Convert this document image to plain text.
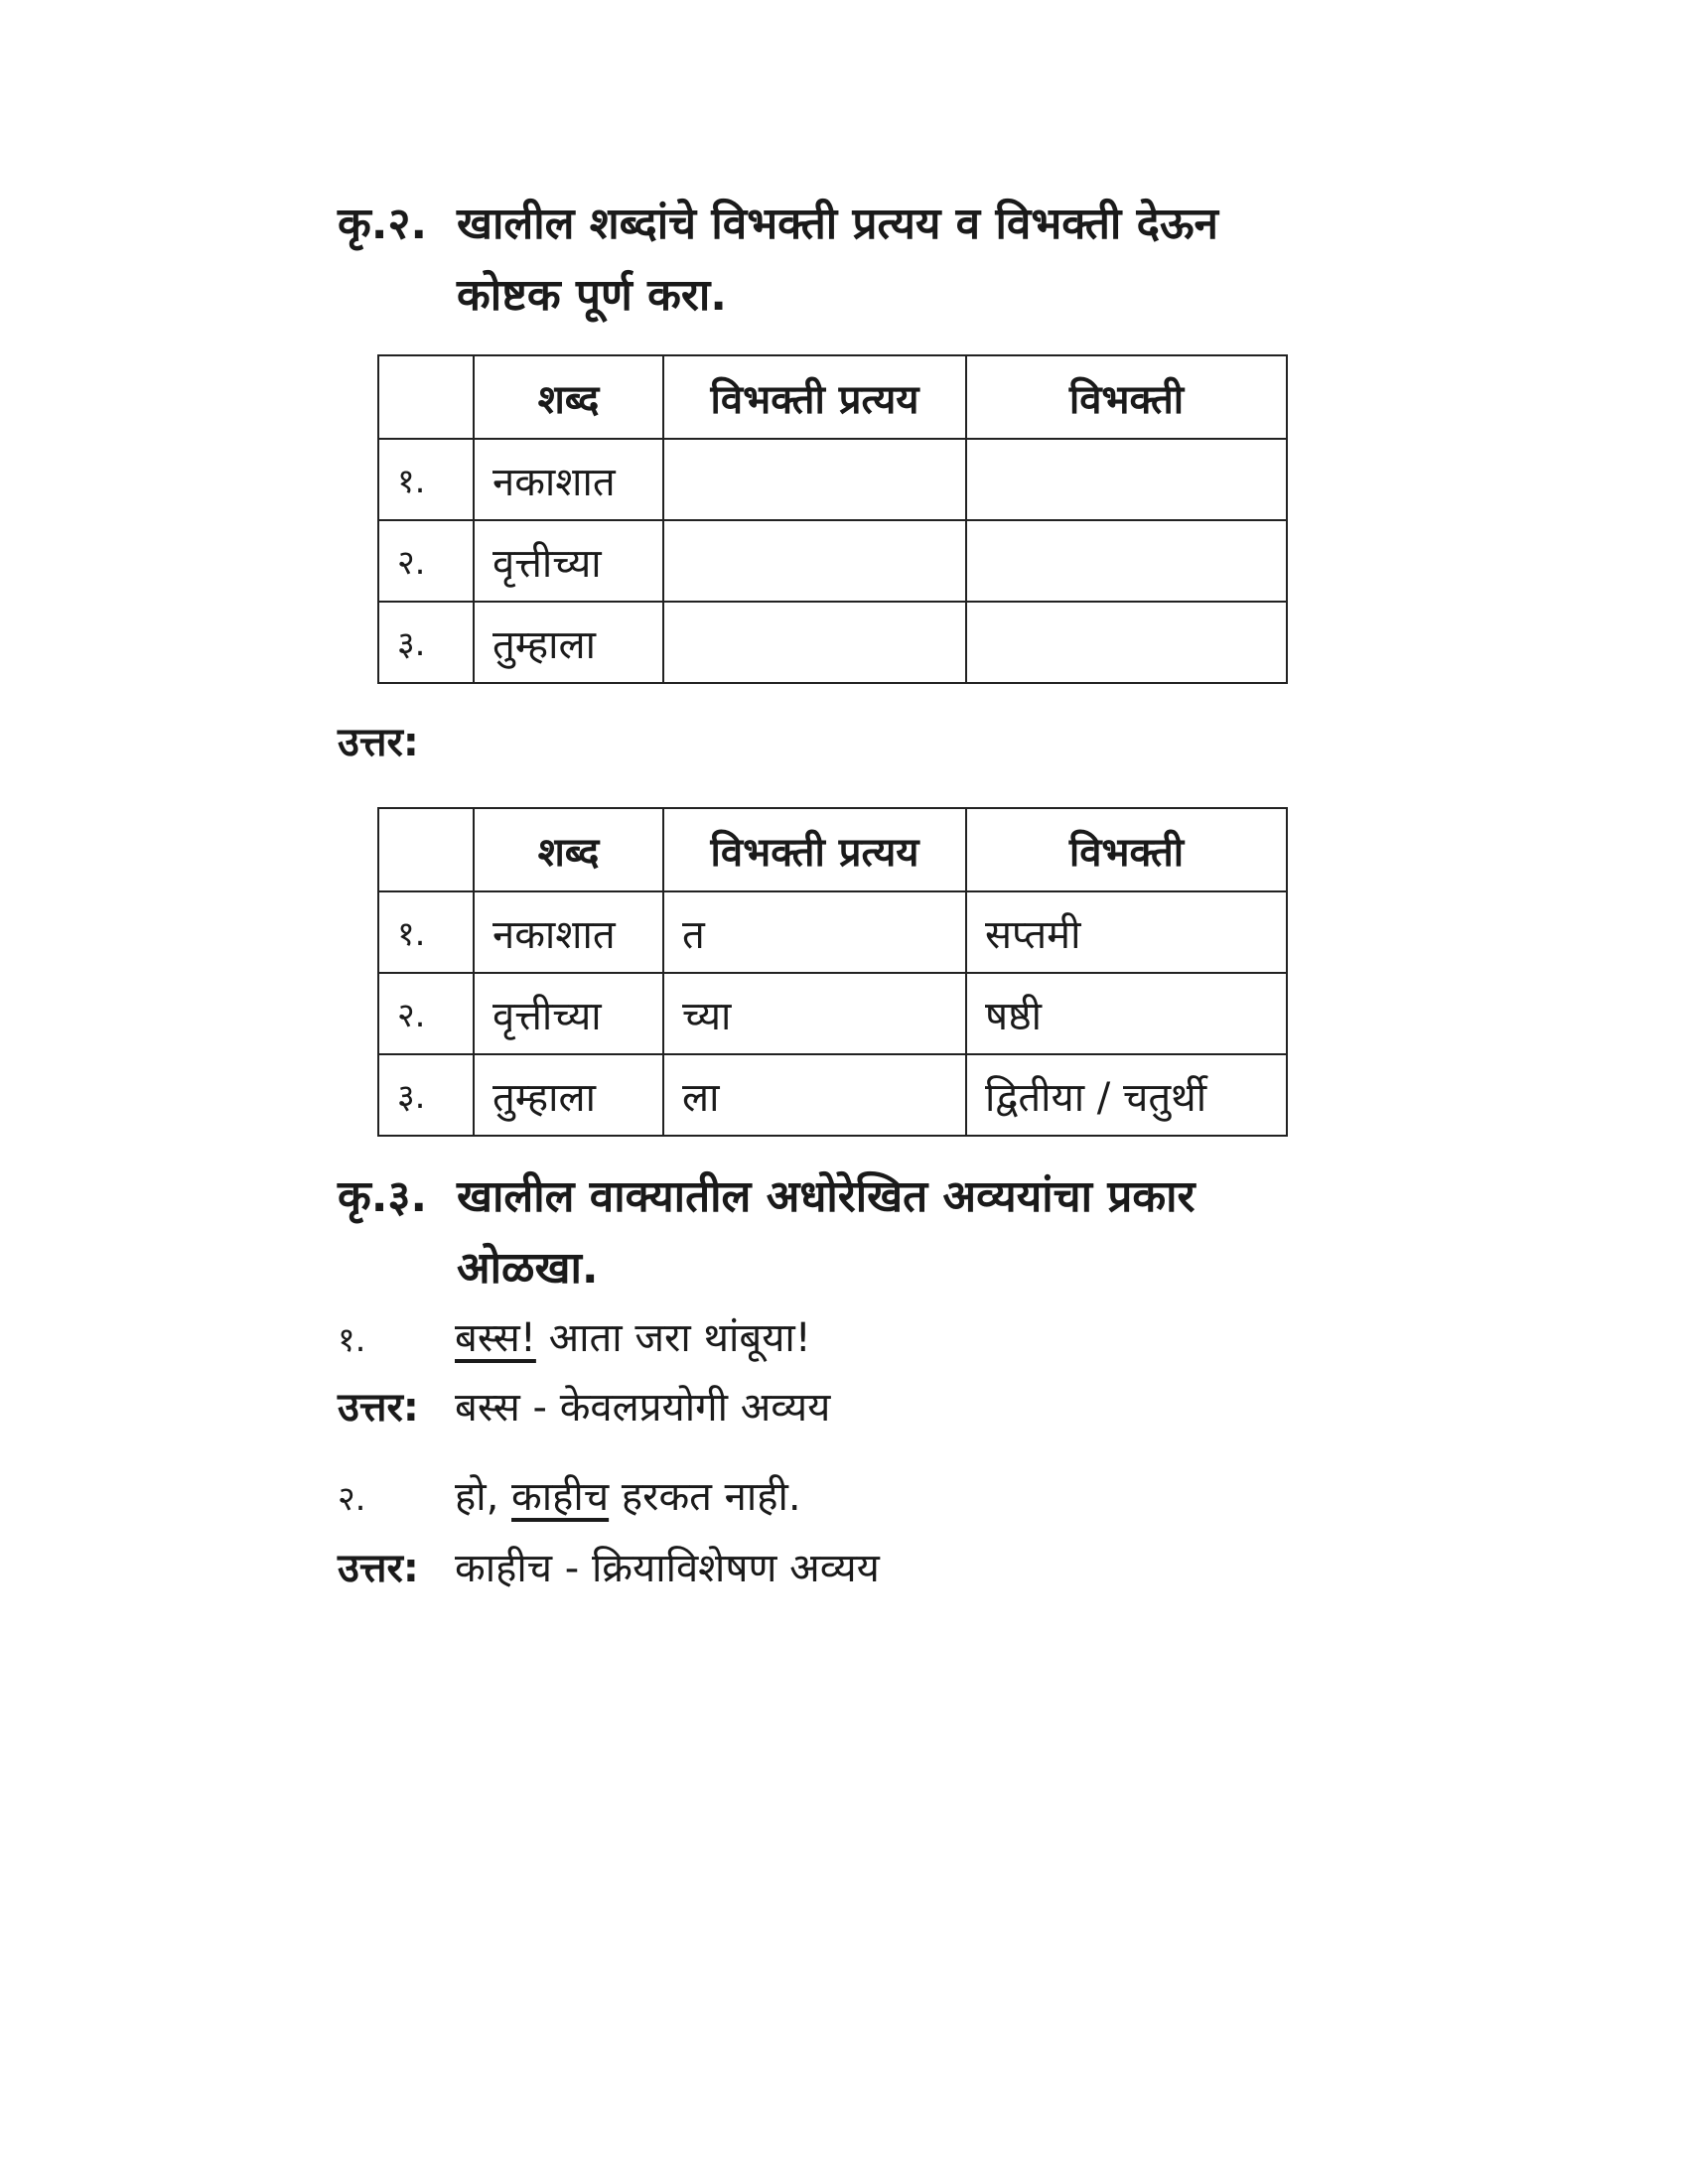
कृ.२. खालील शब्दांचे विभक्ती प्रत्यय व विभक्ती देऊन
कोष्टक पूर्ण करा.
	शब्द	विभक्ती प्रत्यय	विभक्ती
१.	नकाशात		
२.	वृत्तीच्या		
३.	तुम्हाला		
उत्तर:
	शब्द	विभक्ती प्रत्यय	विभक्ती
१.	नकाशात	त	सप्तमी
२.	वृत्तीच्या	च्या	षष्ठी
३.	तुम्हाला	ला	द्वितीया / चतुर्थी
कृ.३. खालील वाक्यातील अधोरेखित अव्ययांचा प्रकार
ओळखा.
१. बस्स! आता जरा थांबूया!
उत्तर: बस्स - केवलप्रयोगी अव्यय
२. हो, काहीच हरकत नाही.
उत्तर: काहीच - क्रियाविशेषण अव्यय
